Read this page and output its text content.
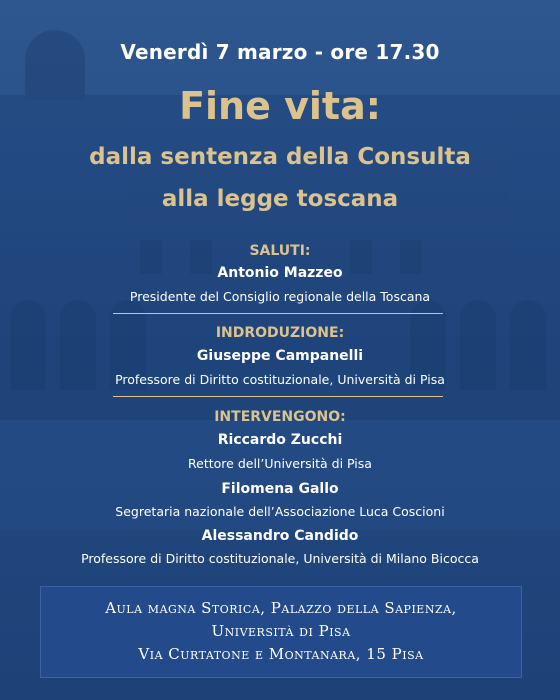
Venerdì 7 marzo - ore 17.30
Fine vita:
dalla sentenza della Consulta
alla legge toscana
SALUTI:
Antonio Mazzeo
Presidente del Consiglio regionale della Toscana
INDRODUZIONE:
Giuseppe Campanelli
Professore di Diritto costituzionale, Università di Pisa
INTERVENGONO:
Riccardo Zucchi
Rettore dell’Università di Pisa
Filomena Gallo
Segretaria nazionale dell’Associazione Luca Coscioni
Alessandro Candido
Professore di Diritto costituzionale, Università di Milano Bicocca
Aula magna Storica, Palazzo della Sapienza,
Università di Pisa
Via Curtatone e Montanara, 15 Pisa
